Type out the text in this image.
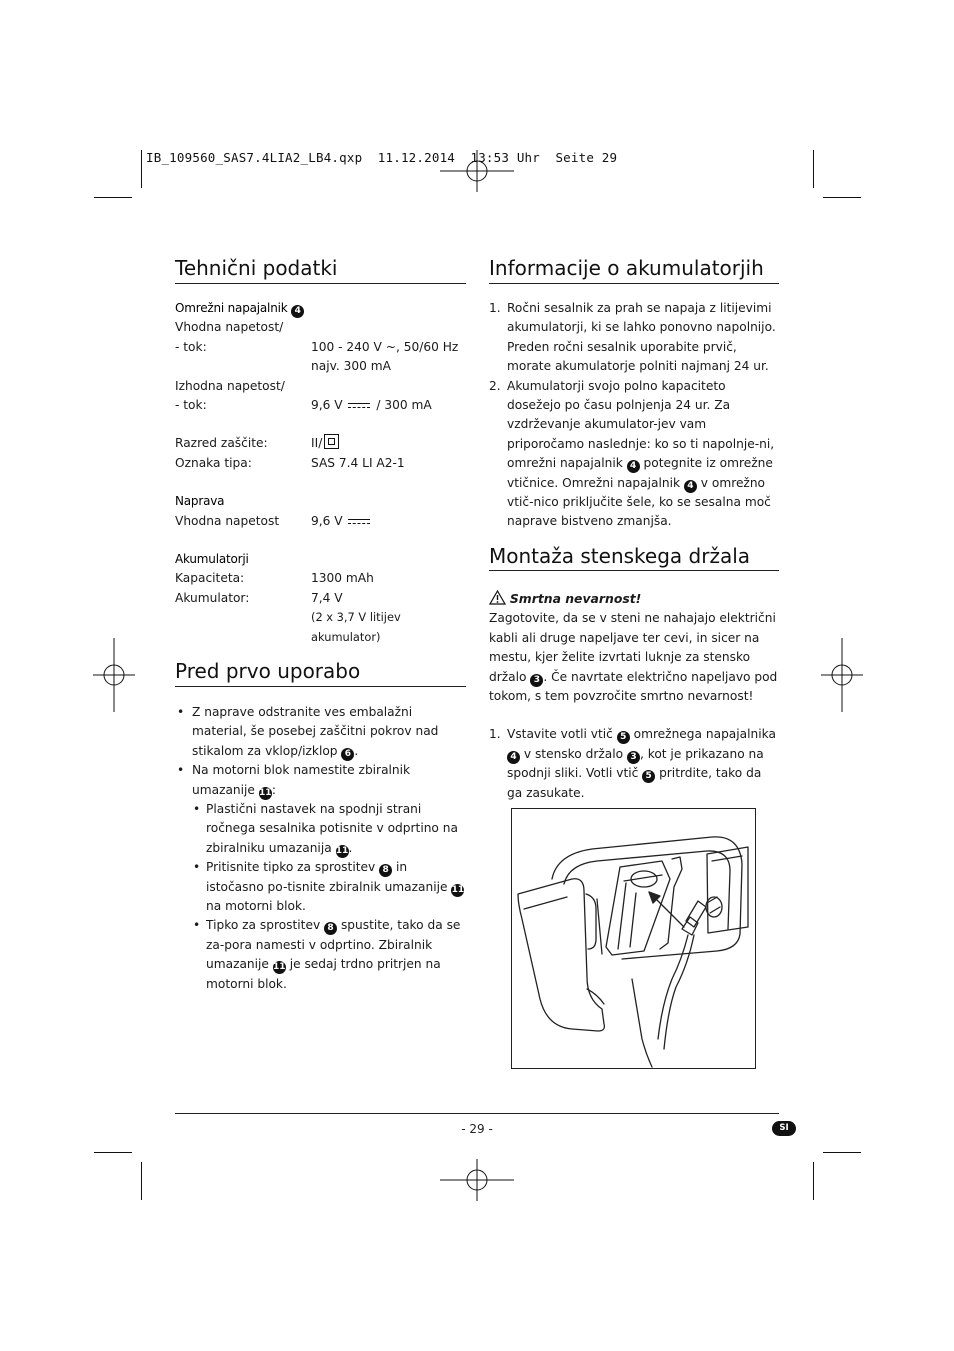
IB_109560_SAS7.4LIA2_LB4.qxp  11.12.2014  13:53 Uhr  Seite 29
Tehnični podatki
Omrežni napajalnik 4
Vhodna napetost/
- tok:	100 - 240 V ~, 50/60 Hz
najv. 300 mA
Izhodna napetost/
- tok:	9,6 V	/ 300 mA
Razred zaščite:	II/
Oznaka tipa:	SAS 7.4 LI A2-1
Naprava
Vhodna napetost	9,6 V
Akumulatorji
Kapaciteta:	1300 mAh
Akumulator:	7,4 V
(2 x 3,7 V litijev akumulator)
Pred prvo uporabo
• Z naprave odstranite ves embalažni material, še posebej zaščitni pokrov nad stikalom za vklop/izklop 6 .
• Na motorni blok namestite zbiralnik umazanije 11:
• Plastični nastavek na spodnji strani ročnega sesalnika potisnite v odprtino na zbiralniku umazanija 11.
• Pritisnite tipko za sprostitev 8 in istočasno po-tisnite zbiralnik umazanije 11 na motorni blok.
• Tipko za sprostitev 8 spustite, tako da se za-pora namesti v odprtino. Zbiralnik umazanije 11 je sedaj trdno pritrjen na motorni blok.
Informacije o akumulatorjih
1. Ročni sesalnik za prah se napaja z litijevimi akumulatorji, ki se lahko ponovno napolnijo. Preden ročni sesalnik uporabite prvič, morate akumulatorje polniti najmanj 24 ur.
2. Akumulatorji svojo polno kapaciteto dosežejo po času polnjenja 24 ur. Za vzdrževanje akumulator-jev vam priporočamo naslednje: ko so ti napolnje-ni, omrežni napajalnik 4 potegnite iz omrežne vtičnice. Omrežni napajalnik 4 v omrežno vtič-nico priključite šele, ko se sesalna moč naprave bistveno zmanjša.
Montaža stenskega držala
Smrtna nevarnost!
Zagotovite, da se v steni ne nahajajo električni kabli ali druge napeljave ter cevi, in sicer na mestu, kjer želite izvrtati luknje za stensko držalo 3 . Če navrtate električno napeljavo pod tokom, s tem povzročite smrtno nevarnost!
1. Vstavite votli vtič 5 omrežnega napajalnika 4 v stensko držalo 3 , kot je prikazano na spodnji sliki. Votli vtič 5 pritrdite, tako da ga zasukate.
- 29 -	SI
